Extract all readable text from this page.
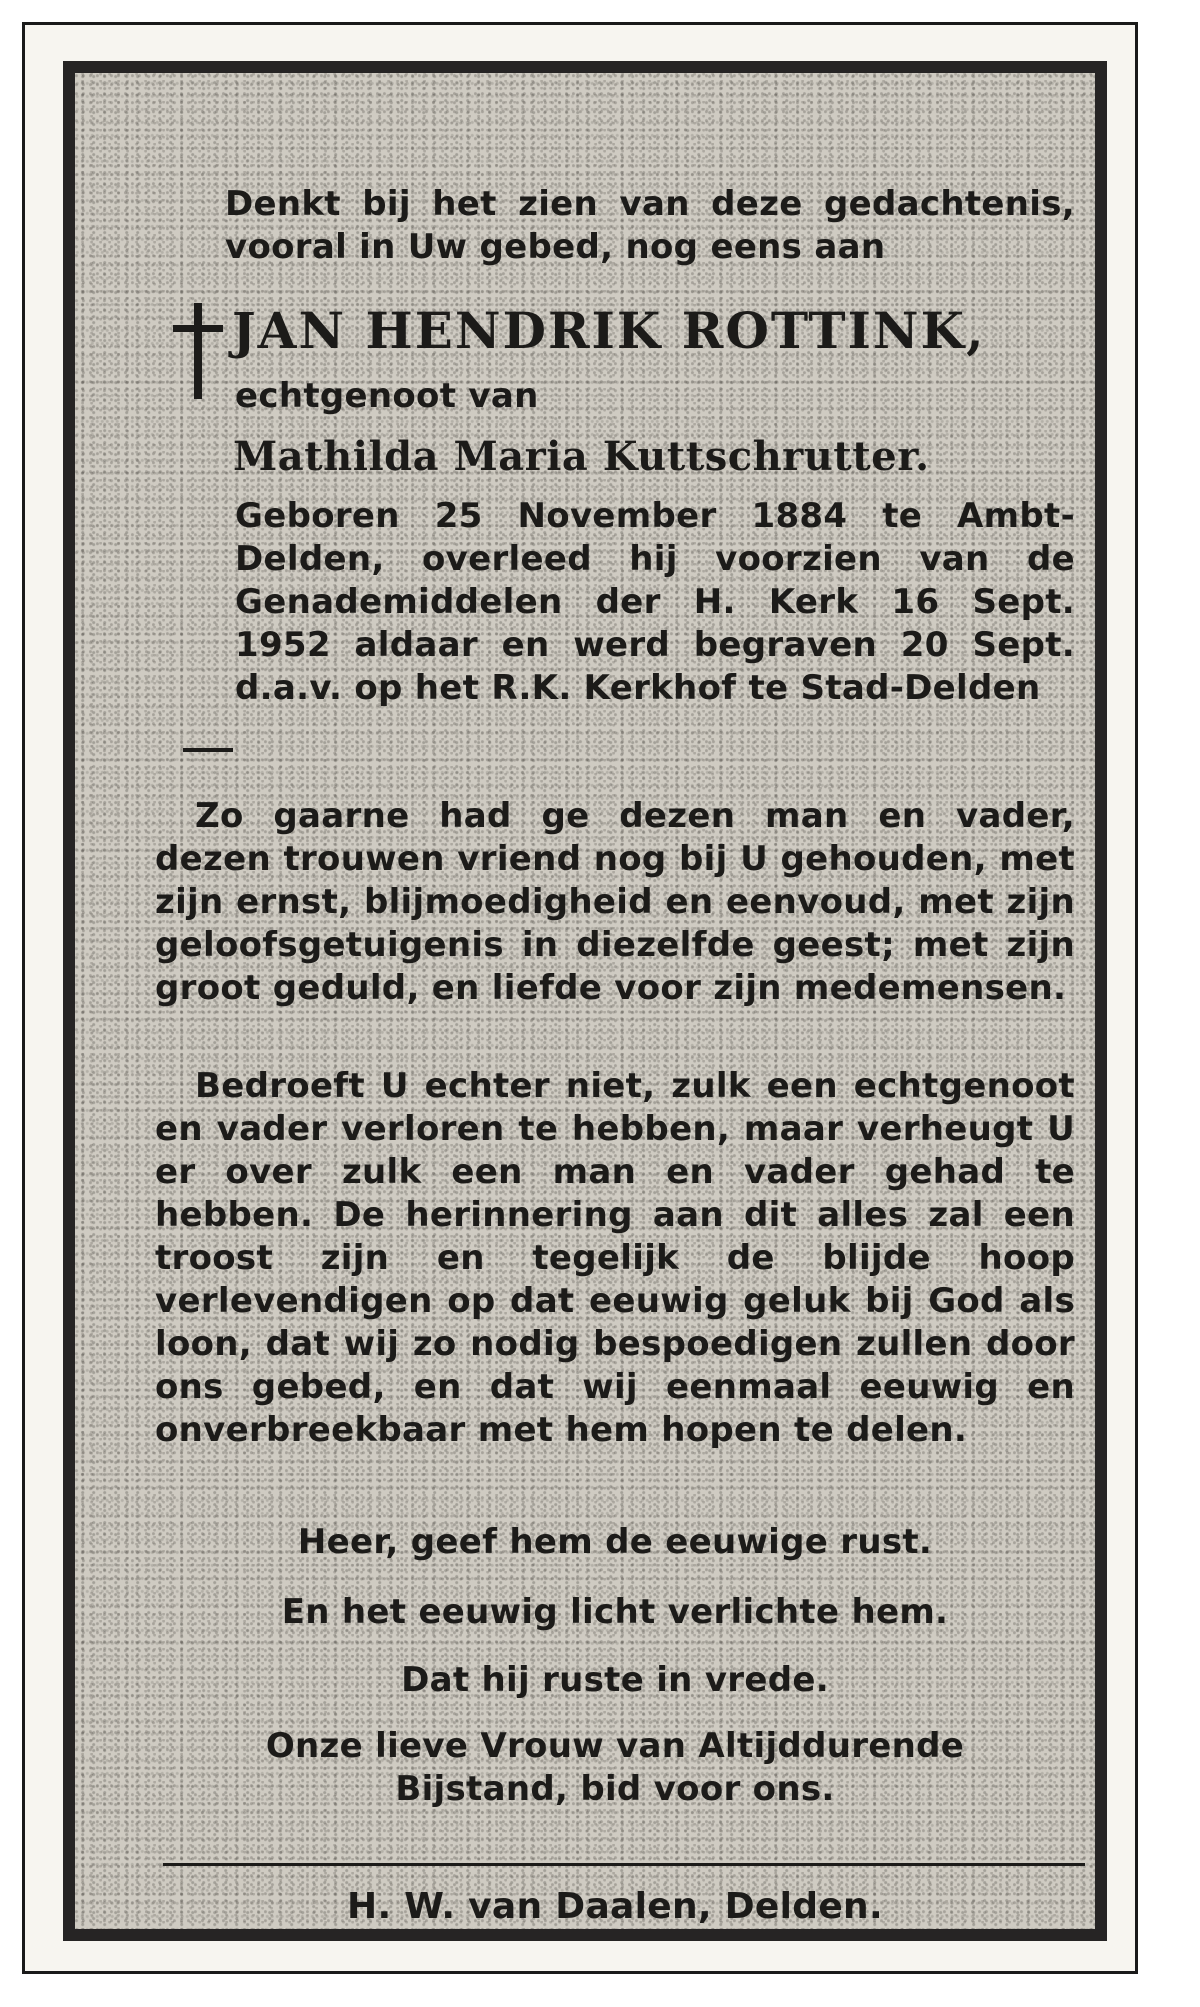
Denkt bij het zien van deze gedachtenis, vooral in Uw gebed, nog eens aan
JAN HENDRIK ROTTINK,
echtgenoot van
Mathilda Maria Kuttschrutter.
Geboren 25 November 1884 te Ambt-Delden, overleed hij voorzien van de Genademiddelen der H. Kerk 16 Sept. 1952 aldaar en werd begraven 20 Sept. d.a.v. op het R.K. Kerkhof te Stad-Delden
Zo gaarne had ge dezen man en vader, dezen trouwen vriend nog bij U gehouden, met zijn ernst, blijmoedigheid en eenvoud, met zijn geloofsgetuigenis in diezelfde geest; met zijn groot geduld, en liefde voor zijn medemensen.
Bedroeft U echter niet, zulk een echtgenoot en vader verloren te hebben, maar verheugt U er over zulk een man en vader gehad te hebben. De herinnering aan dit alles zal een troost zijn en tegelijk de blijde hoop verlevendigen op dat eeuwig geluk bij God als loon, dat wij zo nodig bespoedigen zullen door ons gebed, en dat wij eenmaal eeuwig en onverbreekbaar met hem hopen te delen.
Heer, geef hem de eeuwige rust.
En het eeuwig licht verlichte hem.
Dat hij ruste in vrede.
Onze lieve Vrouw van Altijddurende
Bijstand, bid voor ons.
H. W. van Daalen, Delden.
